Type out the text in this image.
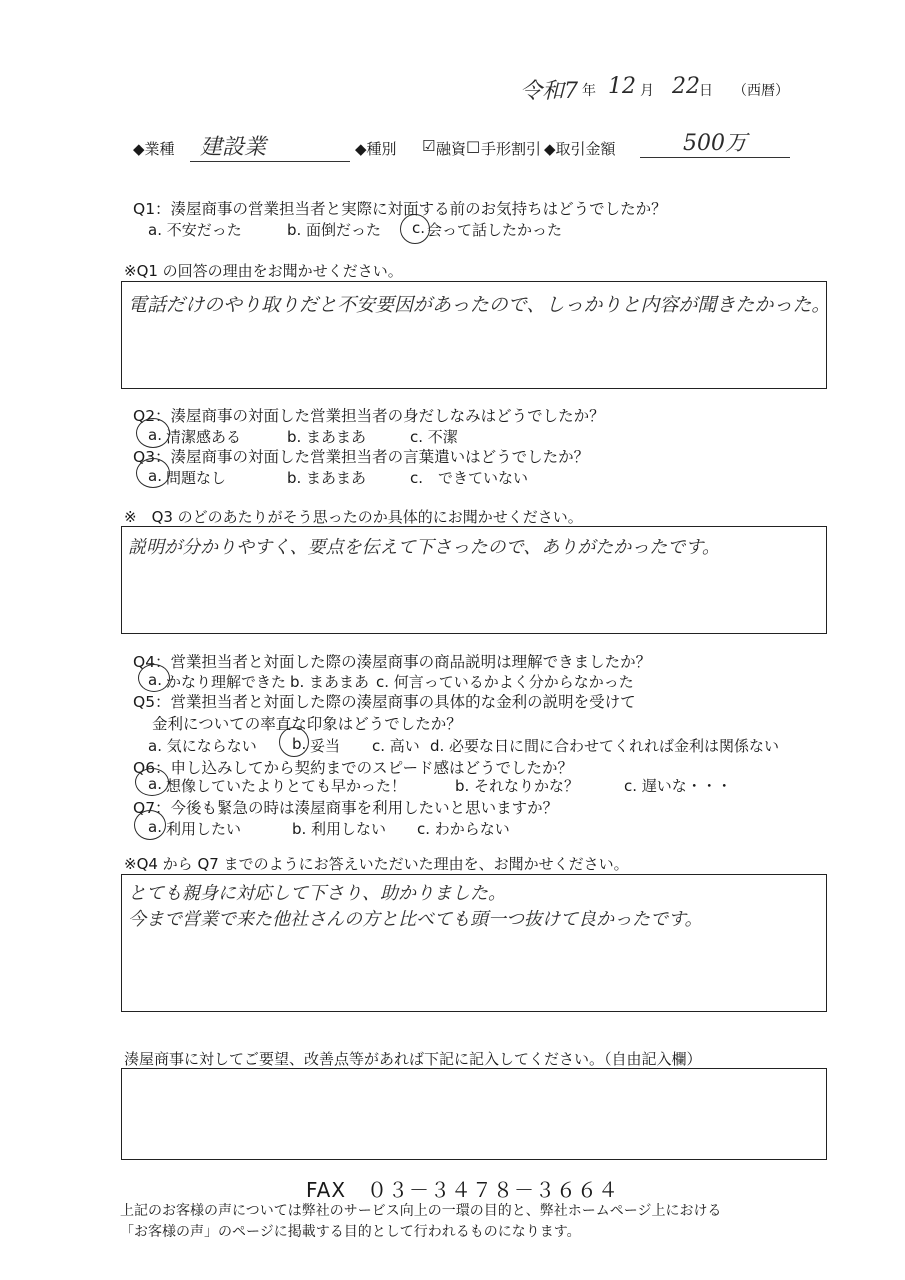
令和7 年 12 月 22 日 （西暦）
◆業種	建設業	◆種別 ☑ 融資 □ 手形割引 ◆取引金額	500万
Q1：湊屋商事の営業担当者と実際に対面する前のお気持ちはどうでしたか？
a. 不安だった	b. 面倒だった c. 会って話したかった
※Q1 の回答の理由をお聞かせください。
電話だけのやり取りだと不安要因があったので、しっかりと内容が聞きたかった。
Q2：湊屋商事の対面した営業担当者の身だしなみはどうでしたか？
a. 清潔感ある	b. まあまあ	c. 不潔
Q3：湊屋商事の対面した営業担当者の言葉遣いはどうでしたか？
a. 問題なし	b. まあまあ	c.　できていない
※　Q3 のどのあたりがそう思ったのか具体的にお聞かせください。
説明が分かりやすく、要点を伝えて下さったので、ありがたかったです。
Q4：営業担当者と対面した際の湊屋商事の商品説明は理解できましたか？
a. かなり理解できた b. まあまあ c. 何言っているかよく分からなかった
Q5：営業担当者と対面した際の湊屋商事の具体的な金利の説明を受けて
金利についての率直な印象はどうでしたか？
a. 気にならない b. 妥当 c. 高い d. 必要な日に間に合わせてくれれば金利は関係ない
Q6：申し込みしてから契約までのスピード感はどうでしたか？
a. 想像していたよりとても早かった！	b. それなりかな？	c. 遅いな・・・
Q7：今後も緊急の時は湊屋商事を利用したいと思いますか？
a. 利用したい	b. 利用しない c. わからない
※Q4 から Q7 までのようにお答えいただいた理由を、お聞かせください。
とても親身に対応して下さり、助かりました。
今まで営業で来た他社さんの方と比べても頭一つ抜けて良かったです。
湊屋商事に対してご要望、改善点等があれば下記に記入してください。（自由記入欄）
FAX　０３－３４７８－３６６４
上記のお客様の声については弊社のサービス向上の一環の目的と、弊社ホームページ上における
「お客様の声」のページに掲載する目的として行われるものになります。
